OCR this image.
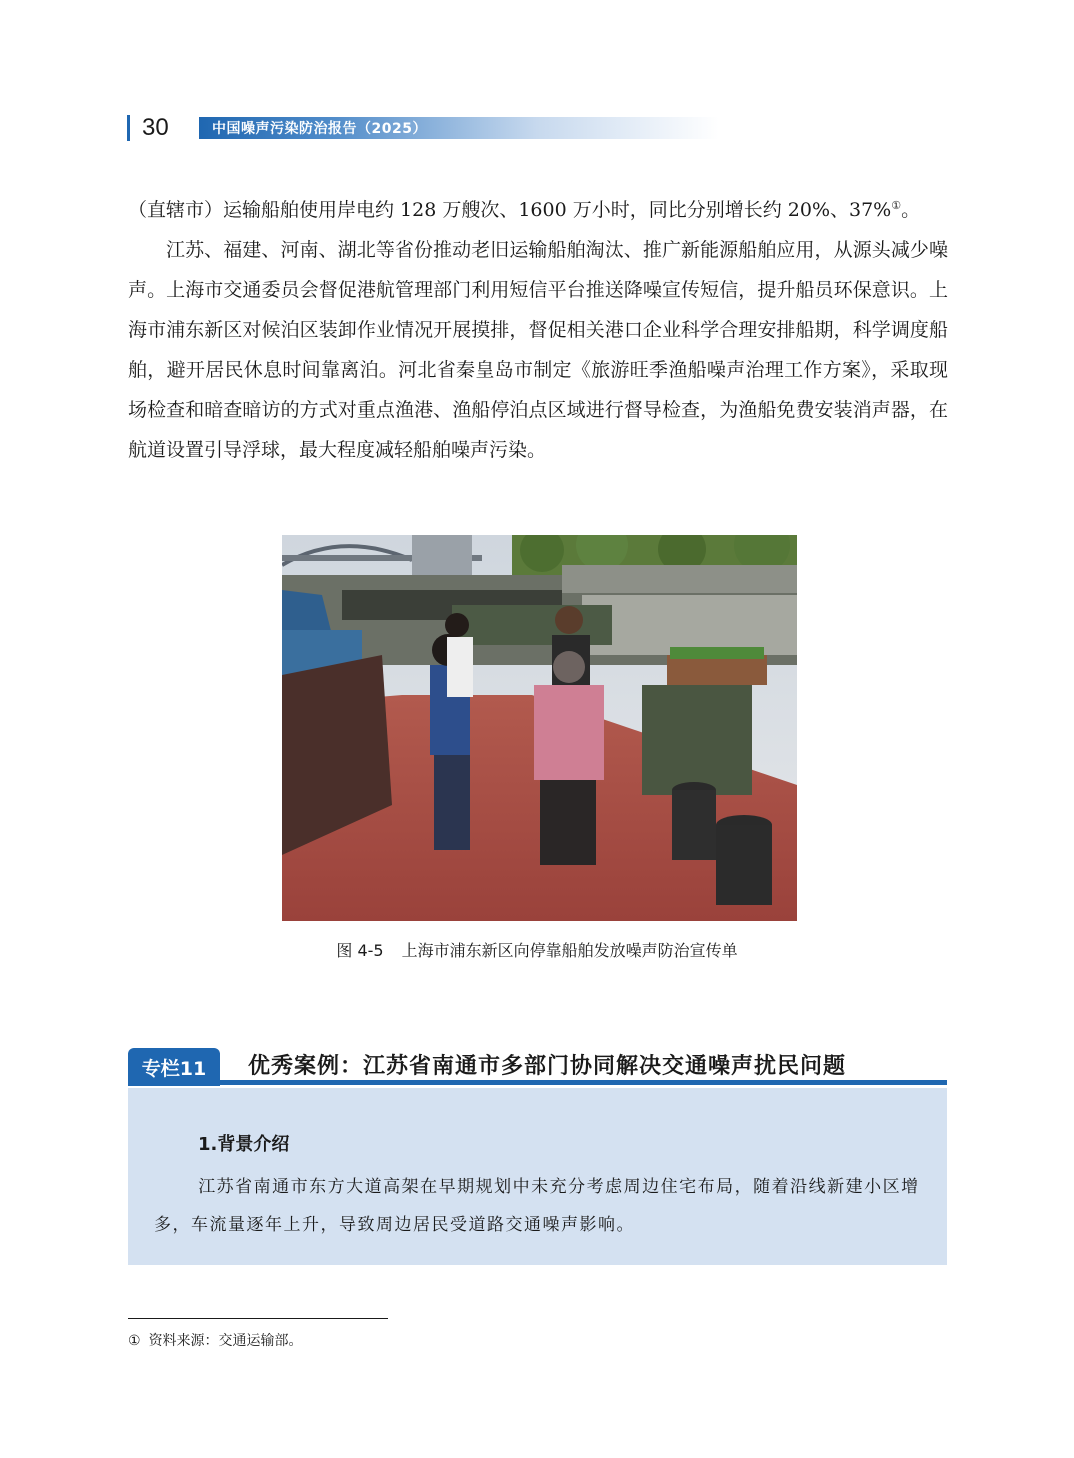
30	中国噪声污染防治报告（2025）
（直辖市）运输船舶使用岸电约 128 万艘次、1600 万小时，同比分别增长约 20%、37%①。
江苏、福建、河南、湖北等省份推动老旧运输船舶淘汰、推广新能源船舶应用，从源头减少噪声。上海市交通委员会督促港航管理部门利用短信平台推送降噪宣传短信，提升船员环保意识。上海市浦东新区对候泊区装卸作业情况开展摸排，督促相关港口企业科学合理安排船期，科学调度船舶，避开居民休息时间靠离泊。河北省秦皇岛市制定《旅游旺季渔船噪声治理工作方案》，采取现场检查和暗查暗访的方式对重点渔港、渔船停泊点区域进行督导检查，为渔船免费安装消声器，在航道设置引导浮球，最大程度减轻船舶噪声污染。
图 4-5 上海市浦东新区向停靠船舶发放噪声防治宣传单
专栏11	优秀案例：江苏省南通市多部门协同解决交通噪声扰民问题
1.背景介绍
江苏省南通市东方大道高架在早期规划中未充分考虑周边住宅布局，随着沿线新建小区增多，车流量逐年上升，导致周边居民受道路交通噪声影响。
① 资料来源：交通运输部。
